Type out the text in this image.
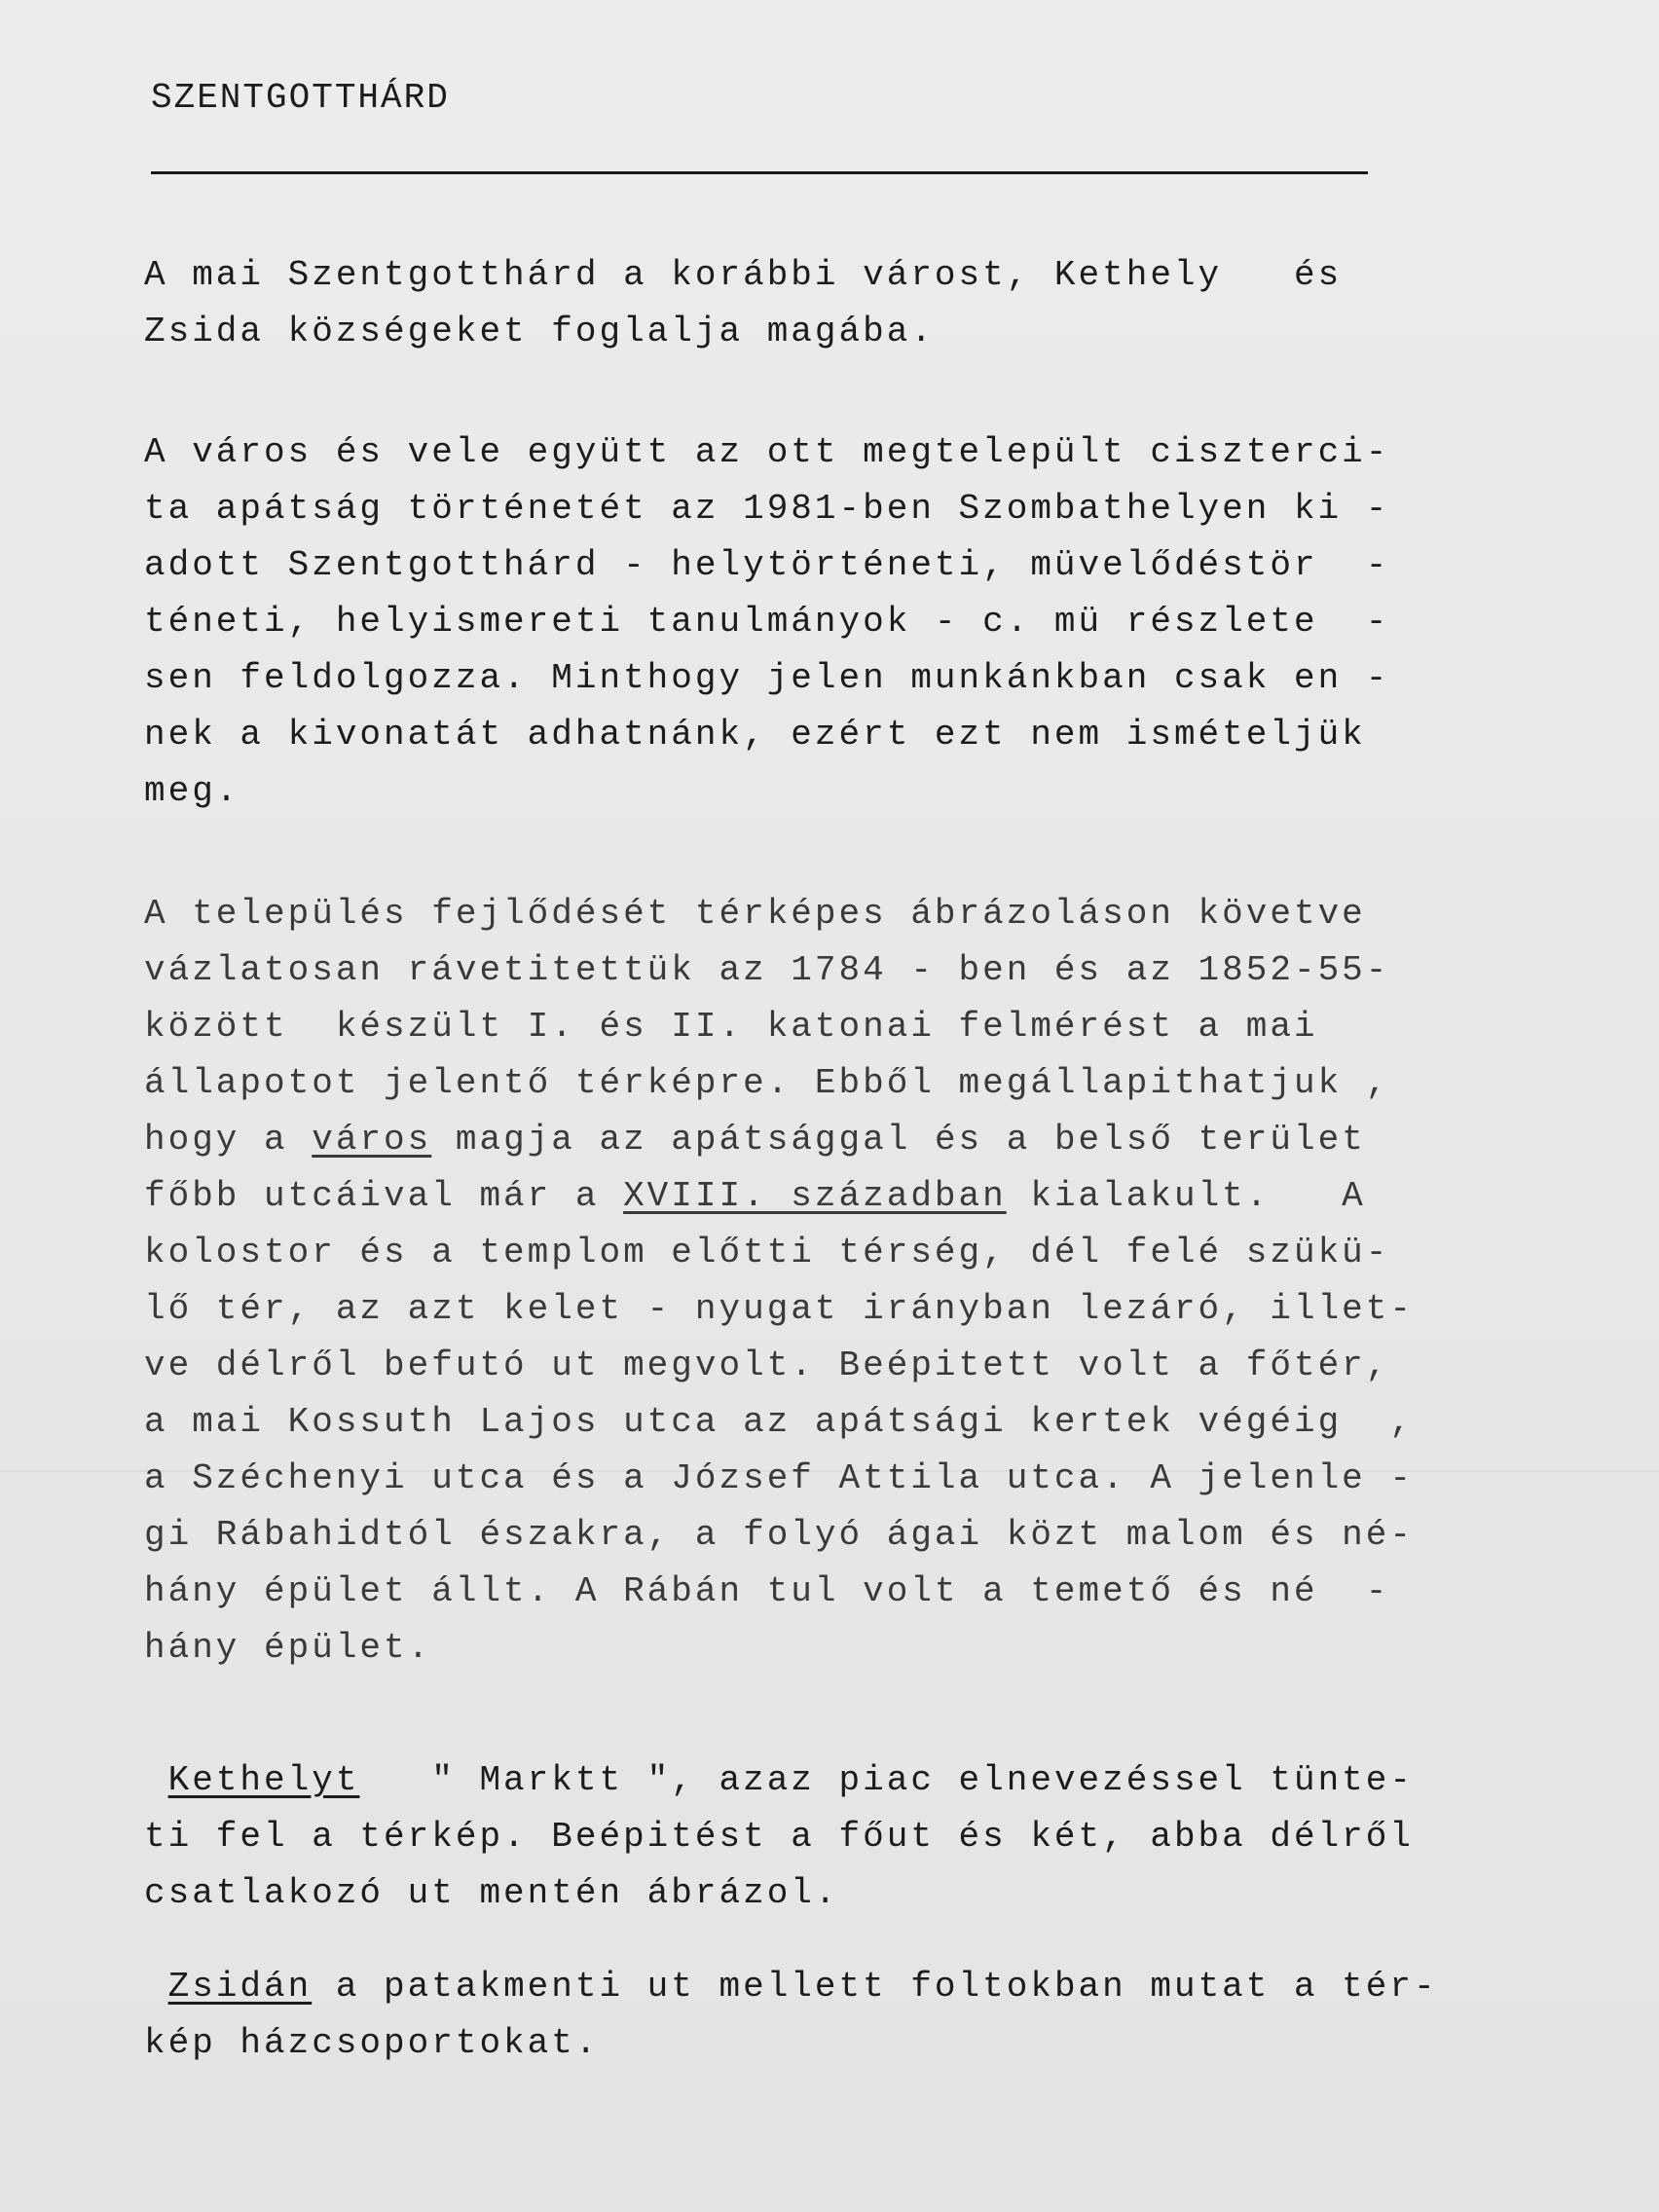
SZENTGOTTHÁRD
A mai Szentgotthárd a korábbi várost, Kethely   és
Zsida községeket foglalja magába.
A város és vele együtt az ott megtelepült ciszterci-
ta apátság történetét az 1981-ben Szombathelyen ki -
adott Szentgotthárd - helytörténeti, müvelődéstör  -
téneti, helyismereti tanulmányok - c. mü részlete  -
sen feldolgozza. Minthogy jelen munkánkban csak en -
nek a kivonatát adhatnánk, ezért ezt nem ismételjük
meg.
A település fejlődését térképes ábrázoláson követve
vázlatosan rávetitettük az 1784 - ben és az 1852-55-
között  készült I. és II. katonai felmérést a mai
állapotot jelentő térképre. Ebből megállapithatjuk ,
hogy a város magja az apátsággal és a belső terület
főbb utcáival már a XVIII. században kialakult.   A
kolostor és a templom előtti térség, dél felé szükü-
lő tér, az azt kelet - nyugat irányban lezáró, illet-
ve délről befutó ut megvolt. Beépitett volt a főtér,
a mai Kossuth Lajos utca az apátsági kertek végéig  ,
a Széchenyi utca és a József Attila utca. A jelenle -
gi Rábahidtól északra, a folyó ágai közt malom és né-
hány épület állt. A Rábán tul volt a temető és né  -
hány épület.
Kethelyt   " Marktt ", azaz piac elnevezéssel tünte-
ti fel a térkép. Beépitést a főut és két, abba délről
csatlakozó ut mentén ábrázol.
Zsidán a patakmenti ut mellett foltokban mutat a tér-
kép házcsoportokat.
